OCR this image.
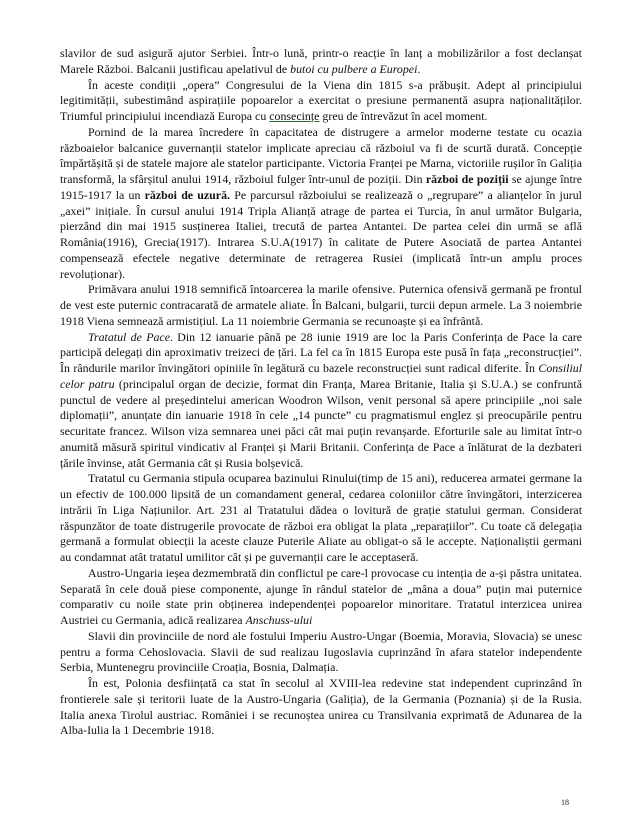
slavilor de sud asigură ajutor Serbiei. Într-o lună, printr-o reacție în lanț a mobilizărilor a fost declanșat Marele Război. Balcanii justificau apelativul de butoi cu pulbere a Europei.

În aceste condiții „opera” Congresului de la Viena din 1815 s-a prăbușit. Adept al principiului legitimității, subestimând aspirațiile popoarelor a exercitat o presiune permanentă asupra naționalităților. Triumful principiului incendiază Europa cu consecințe greu de întrevăzut în acel moment.

Pornind de la marea încredere în capacitatea de distrugere a armelor moderne testate cu ocazia războaielor balcanice guvernanții statelor implicate apreciau că războiul va fi de scurtă durată. Concepție împărtășită și de statele majore ale statelor participante. Victoria Franței pe Marna, victoriile rușilor în Galiția transformă, la sfârșitul anului 1914, războiul fulger într-unul de poziții. Din război de poziții se ajunge între 1915-1917 la un război de uzură. Pe parcursul războiului se realizează o „regrupare” a alianțelor în jurul „axei” inițiale. În cursul anului 1914 Tripla Alianță atrage de partea ei Turcia, în anul următor Bulgaria, pierzând din mai 1915 susținerea Italiei, trecută de partea Antantei. De partea celei din urmă se află România(1916), Grecia(1917). Intrarea S.U.A(1917) în calitate de Putere Asociată de partea Antantei compensează efectele negative determinate de retragerea Rusiei (implicată într-un amplu proces revoluționar).

Primăvara anului 1918 semnifică întoarcerea la marile ofensive. Puternica ofensivă germană pe frontul de vest este puternic contracarată de armatele aliate. În Balcani, bulgarii, turcii depun armele. La 3 noiembrie 1918 Viena semnează armistițiul. La 11 noiembrie Germania se recunoaște și ea înfrântă.

Tratatul de Pace. Din 12 ianuarie până pe 28 iunie 1919 are loc la Paris Conferința de Pace la care participă delegați din aproximativ treizeci de țări. La fel ca în 1815 Europa este pusă în fața „reconstrucției”. În rândurile marilor învingători opiniile în legătură cu bazele reconstrucției sunt radical diferite. În Consiliul celor patru (principalul organ de decizie, format din Franța, Marea Britanie, Italia și S.U.A.) se confruntă punctul de vedere al președintelui american Woodron Wilson, venit personal să apere principiile „noi sale diplomații”, anunțate din ianuarie 1918 în cele „14 puncte” cu pragmatismul englez și preocupările pentru securitate francez. Wilson viza semnarea unei păci cât mai puțin revanșarde. Eforturile sale au limitat într-o anumită măsură spiritul vindicativ al Franței și Marii Britanii. Conferința de Pace a înlăturat de la dezbateri țările învinse, atât Germania cât și Rusia bolșevică.

Tratatul cu Germania stipula ocuparea bazinului Rinului(timp de 15 ani), reducerea armatei germane la un efectiv de 100.000 lipsită de un comandament general, cedarea coloniilor către învingători, interzicerea intrării în Liga Națiunilor. Art. 231 al Tratatului dădea o lovitură de grație statului german. Considerat răspunzător de toate distrugerile provocate de război era obligat la plata „reparațiilor”. Cu toate că delegația germană a formulat obiecții la aceste clauze Puterile Aliate au obligat-o să le accepte. Naționaliștii germani au condamnat atât tratatul umilitor cât și pe guvernanții care le acceptaseră.

Austro-Ungaria ieșea dezmembrată din conflictul pe care-l provocase cu intenția de a-și păstra unitatea. Separată în cele două piese componente, ajunge în rândul statelor de „mâna a doua” puțin mai puternice comparativ cu noile state prin obținerea independenței popoarelor minoritare. Tratatul interzicea unirea Austriei cu Germania, adică realizarea Anschuss-ului

Slavii din provinciile de nord ale fostului Imperiu Austro-Ungar (Boemia, Moravia, Slovacia) se unesc pentru a forma Cehoslovacia. Slavii de sud realizau Iugoslavia cuprinzând în afara statelor independente Serbia, Muntenegru provinciile Croația, Bosnia, Dalmația.

În est, Polonia desființată ca stat în secolul al XVIII-lea redevine stat independent cuprinzând în frontierele sale și teritorii luate de la Austro-Ungaria (Galiția), de la Germania (Poznania) și de la Rusia. Italia anexa Tirolul austriac. României i se recunoștea unirea cu Transilvania exprimată de Adunarea de la Alba-Iulia la 1 Decembrie 1918.

18
